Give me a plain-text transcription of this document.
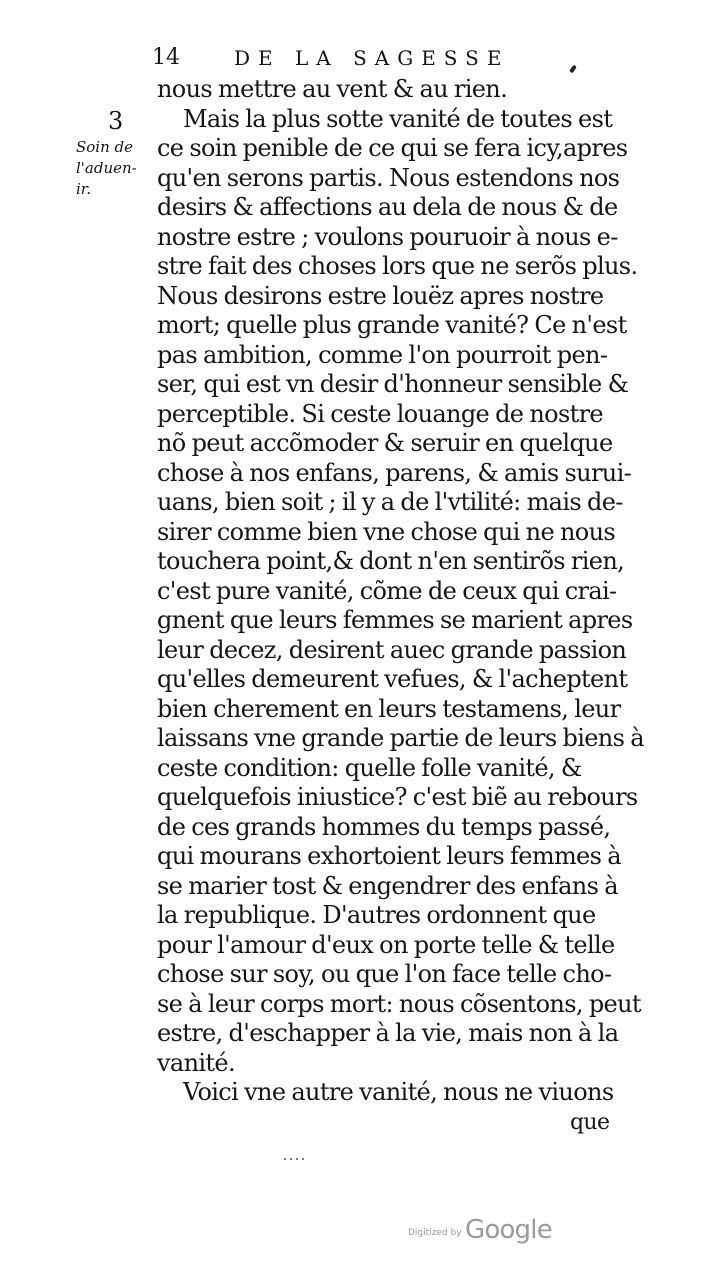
14	DE LA SAGESSE
3
Soin de
l'aduen-
ir.
nous mettre au vent & au rien.
Mais la plus sotte vanité de toutes est
ce soin penible de ce qui se fera icy,apres
qu'en serons partis. Nous estendons nos
desirs & affections au dela de nous & de
nostre estre ; voulons pouruoir à nous e-
stre fait des choses lors que ne serõs plus.
Nous desirons estre louëz apres nostre
mort; quelle plus grande vanité? Ce n'est
pas ambition, comme l'on pourroit pen-
ser, qui est vn desir d'honneur sensible &
perceptible. Si ceste louange de nostre
nõ peut accõmoder & seruir en quelque
chose à nos enfans, parens, & amis surui-
uans, bien soit ; il y a de l'vtilité: mais de-
sirer comme bien vne chose qui ne nous
touchera point,& dont n'en sentirõs rien,
c'est pure vanité, cõme de ceux qui crai-
gnent que leurs femmes se marient apres
leur decez, desirent auec grande passion
qu'elles demeurent vefues, & l'acheptent
bien cherement en leurs testamens, leur
laissans vne grande partie de leurs biens à
ceste condition: quelle folle vanité, &
quelquefois iniustice? c'est biẽ au rebours
de ces grands hommes du temps passé,
qui mourans exhortoient leurs femmes à
se marier tost & engendrer des enfans à
la republique. D'autres ordonnent que
pour l'amour d'eux on porte telle & telle
chose sur soy, ou que l'on face telle cho-
se à leur corps mort: nous cõsentons, peut
estre, d'eschapper à la vie, mais non à la
vanité.
Voici vne autre vanité, nous ne viuons
que
Digitized by Google
